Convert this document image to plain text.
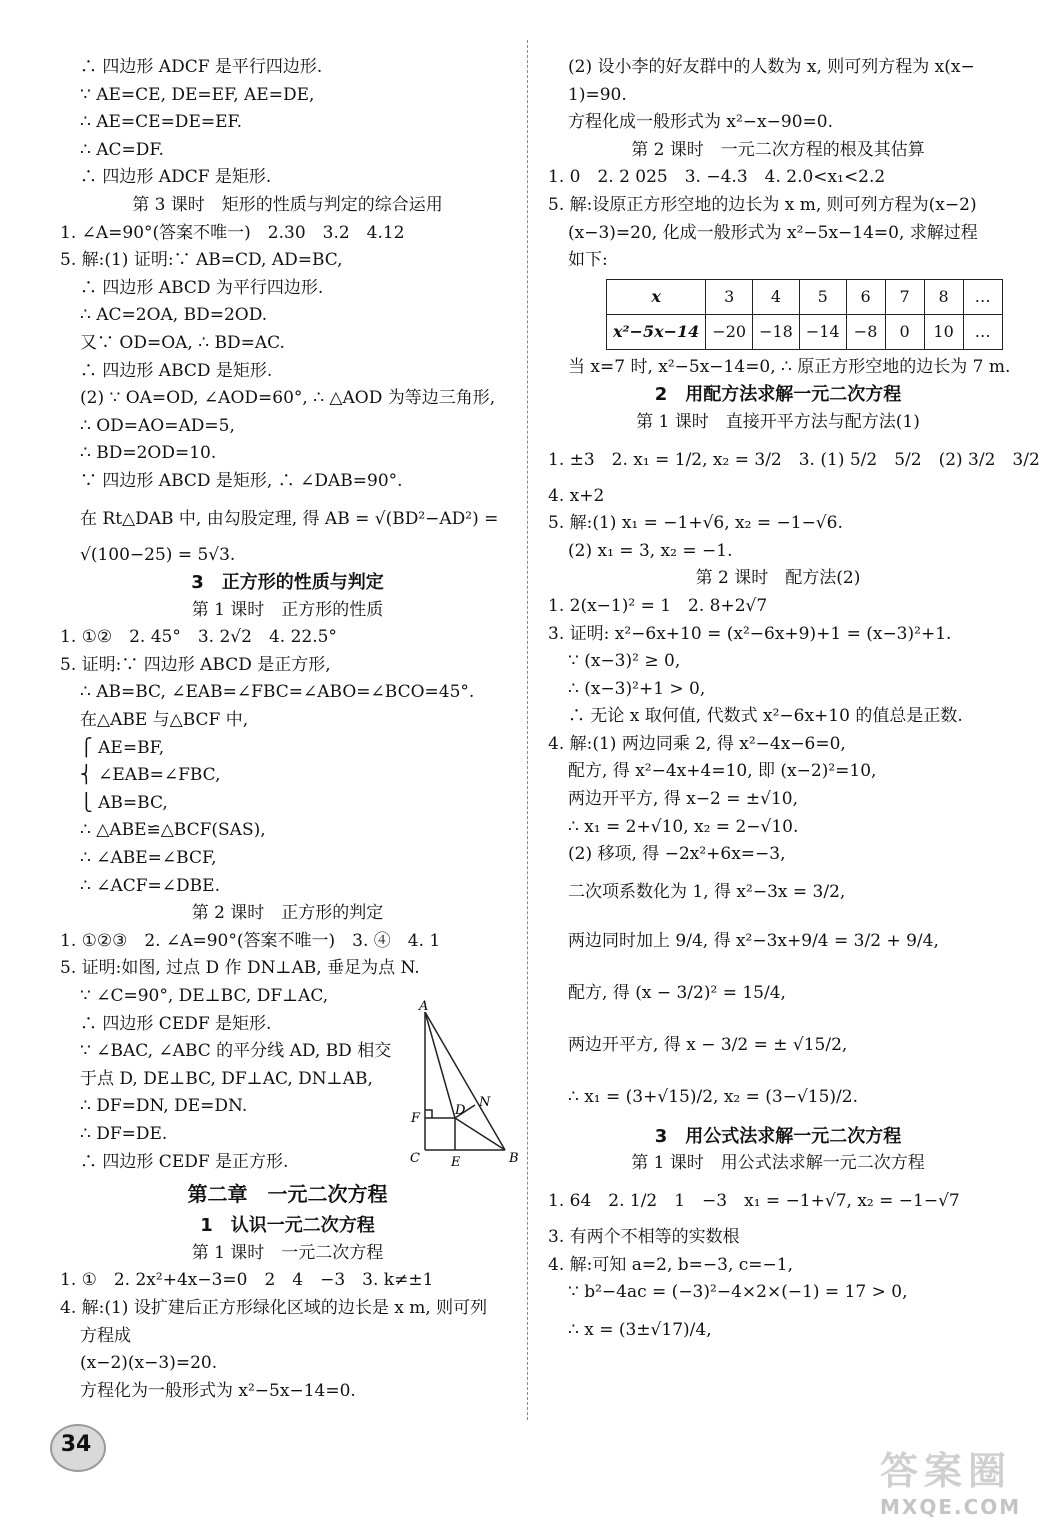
∴ 四边形 ADCF 是平行四边形.
∵ AE=CE, DE=EF, AE=DE,
∴ AE=CE=DE=EF.
∴ AC=DF.
∴ 四边形 ADCF 是矩形.
第 3 课时　矩形的性质与判定的综合运用
1. ∠A=90°(答案不唯一)　2.30　3.2　4.12
5. 解:(1) 证明:∵ AB=CD, AD=BC,
∴ 四边形 ABCD 为平行四边形.
∴ AC=2OA, BD=2OD.
又∵ OD=OA, ∴ BD=AC.
∴ 四边形 ABCD 是矩形.
(2) ∵ OA=OD, ∠AOD=60°, ∴ △AOD 为等边三角形,
∴ OD=AO=AD=5,
∴ BD=2OD=10.
∵ 四边形 ABCD 是矩形, ∴ ∠DAB=90°.
在 Rt△DAB 中, 由勾股定理, 得 AB = √(BD²−AD²) =
√(100−25) = 5√3.
3　正方形的性质与判定
第 1 课时　正方形的性质
1. ①②　2. 45°　3. 2√2　4. 22.5°
5. 证明:∵ 四边形 ABCD 是正方形,
∴ AB=BC, ∠EAB=∠FBC=∠ABO=∠BCO=45°.
在△ABE 与△BCF 中,
⎧ AE=BF,
⎨ ∠EAB=∠FBC,
⎩ AB=BC,
∴ △ABE≌△BCF(SAS),
∴ ∠ABE=∠BCF,
∴ ∠ACF=∠DBE.
第 2 课时　正方形的判定
1. ①②③　2. ∠A=90°(答案不唯一)　3. ④　4. 1
5. 证明:如图, 过点 D 作 DN⊥AB, 垂足为点 N.
∵ ∠C=90°, DE⊥BC, DF⊥AC,
∴ 四边形 CEDF 是矩形.
∵ ∠BAC, ∠ABC 的平分线 AD, BD 相交
于点 D, DE⊥BC, DF⊥AC, DN⊥AB,
∴ DF=DN, DE=DN.
∴ DF=DE.
∴ 四边形 CEDF 是正方形.
第二章　一元二次方程
1　认识一元二次方程
第 1 课时　一元二次方程
1. ①　2. 2x²+4x−3=0　2　4　−3　3. k≠±1
4. 解:(1) 设扩建后正方形绿化区域的边长是 x m, 则可列
方程成
(x−2)(x−3)=20.
方程化为一般形式为 x²−5x−14=0.
(2) 设小李的好友群中的人数为 x, 则可列方程为 x(x−
1)=90.
方程化成一般形式为 x²−x−90=0.
第 2 课时　一元二次方程的根及其估算
1. 0　2. 2 025　3. −4.3　4. 2.0<x₁<2.2
5. 解:设原正方形空地的边长为 x m, 则可列方程为(x−2)
(x−3)=20, 化成一般形式为 x²−5x−14=0, 求解过程
如下:
x	3	4	5	6	7	8	…
x²−5x−14	−20	−18	−14	−8	0	10	…
当 x=7 时, x²−5x−14=0, ∴ 原正方形空地的边长为 7 m.
2　用配方法求解一元二次方程
第 1 课时　直接开平方法与配方法(1)
1. ±3　2. x₁ = 1/2, x₂ = 3/2　3. (1) 5/2　5/2　(2) 3/2　3/2
4. x+2
5. 解:(1) x₁ = −1+√6, x₂ = −1−√6.
(2) x₁ = 3, x₂ = −1.
第 2 课时　配方法(2)
1. 2(x−1)² = 1　2. 8+2√7
3. 证明: x²−6x+10 = (x²−6x+9)+1 = (x−3)²+1.
∵ (x−3)² ≥ 0,
∴ (x−3)²+1 > 0,
∴ 无论 x 取何值, 代数式 x²−6x+10 的值总是正数.
4. 解:(1) 两边同乘 2, 得 x²−4x−6=0,
配方, 得 x²−4x+4=10, 即 (x−2)²=10,
两边开平方, 得 x−2 = ±√10,
∴ x₁ = 2+√10, x₂ = 2−√10.
(2) 移项, 得 −2x²+6x=−3,
二次项系数化为 1, 得 x²−3x = 3/2,
两边同时加上 9/4, 得 x²−3x+9/4 = 3/2 + 9/4,
配方, 得 (x − 3/2)² = 15/4,
两边开平方, 得 x − 3/2 = ± √15/2,
∴ x₁ = (3+√15)/2, x₂ = (3−√15)/2.
3　用公式法求解一元二次方程
第 1 课时　用公式法求解一元二次方程
1. 64　2. 1/2　1　−3　x₁ = −1+√7, x₂ = −1−√7
3. 有两个不相等的实数根
4. 解:可知 a=2, b=−3, c=−1,
∵ b²−4ac = (−3)²−4×2×(−1) = 17 > 0,
∴ x = (3±√17)/4,
A
B
C
D
E
F
N
34
答案圈
MXQE.COM
